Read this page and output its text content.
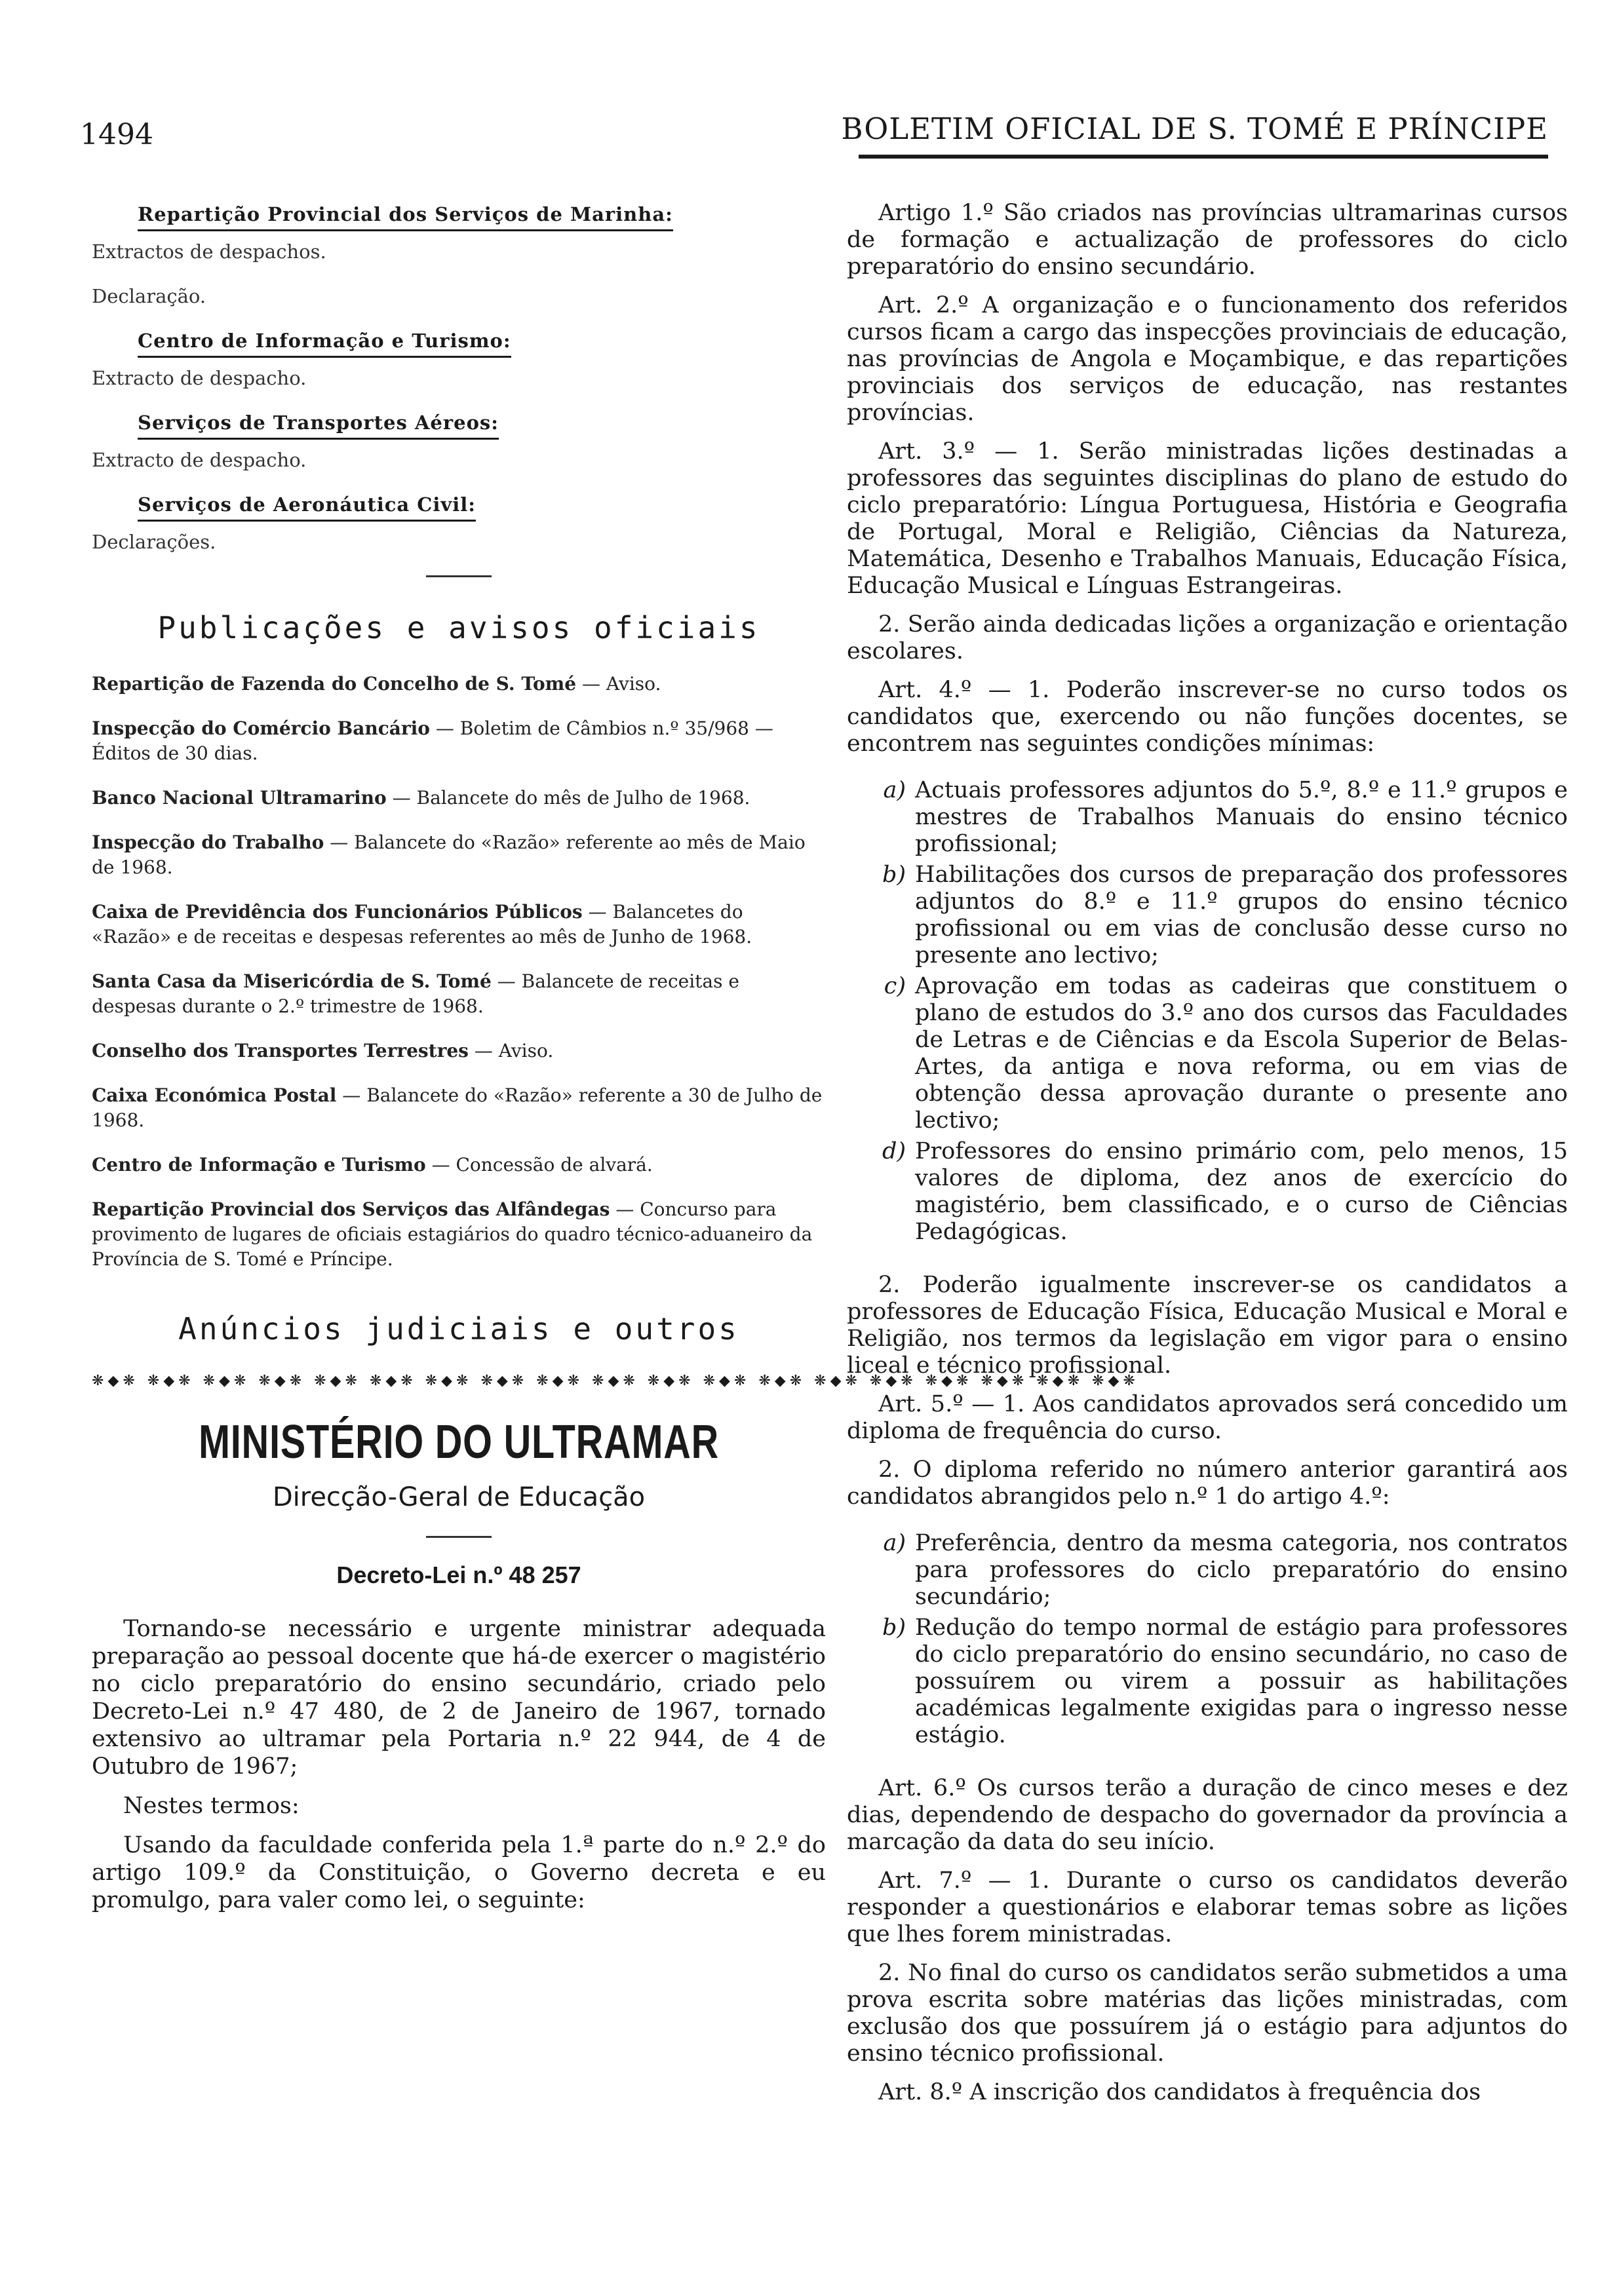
1494	BOLETIM OFICIAL DE S. TOMÉ E PRÍNCIPE
Repartição Provincial dos Serviços de Marinha:
Extractos de despachos.
Declaração.
Centro de Informação e Turismo:
Extracto de despacho.
Serviços de Transportes Aéreos:
Extracto de despacho.
Serviços de Aeronáutica Civil:
Declarações.
Publicações e avisos oficiais

Repartição de Fazenda do Concelho de S. Tomé — Aviso.

Inspecção do Comércio Bancário — Boletim de Câmbios n.º 35/968 — Éditos de 30 dias.

Banco Nacional Ultramarino — Balancete do mês de Julho de 1968.

Inspecção do Trabalho — Balancete do «Razão» referente ao mês de Maio de 1968.

Caixa de Previdência dos Funcionários Públicos — Balancetes do «Razão» e de receitas e despesas referentes ao mês de Junho de 1968.

Santa Casa da Misericórdia de S. Tomé — Balancete de receitas e despesas durante o 2.º trimestre de 1968.

Conselho dos Transportes Terrestres — Aviso.

Caixa Económica Postal — Balancete do «Razão» referente a 30 de Julho de 1968.

Centro de Informação e Turismo — Concessão de alvará.

Repartição Provincial dos Serviços das Alfândegas — Concurso para provimento de lugares de oficiais estagiários do quadro técnico-aduaneiro da Província de S. Tomé e Príncipe.

Anúncios judiciais e outros
❋◆❋ ❋◆❋ ❋◆❋ ❋◆❋ ❋◆❋ ❋◆❋ ❋◆❋ ❋◆❋ ❋◆❋ ❋◆❋ ❋◆❋ ❋◆❋ ❋◆❋ ❋◆❋ ❋◆❋ ❋◆❋ ❋◆❋ ❋◆❋ ❋◆❋
MINISTÉRIO DO ULTRAMAR
Direcção-Geral de Educação
Decreto-Lei n.º 48 257

Tornando-se necessário e urgente ministrar adequada preparação ao pessoal docente que há-de exercer o magistério no ciclo preparatório do ensino secundário, criado pelo Decreto-Lei n.º 47 480, de 2 de Janeiro de 1967, tornado extensivo ao ultramar pela Portaria n.º 22 944, de 4 de Outubro de 1967;

Nestes termos:

Usando da faculdade conferida pela 1.ª parte do n.º 2.º do artigo 109.º da Constituição, o Governo decreta e eu promulgo, para valer como lei, o seguinte:

Artigo 1.º São criados nas províncias ultramarinas cursos de formação e actualização de professores do ciclo preparatório do ensino secundário.

Art. 2.º A organização e o funcionamento dos referidos cursos ficam a cargo das inspecções provinciais de educação, nas províncias de Angola e Moçambique, e das repartições provinciais dos serviços de educação, nas restantes províncias.

Art. 3.º — 1. Serão ministradas lições destinadas a professores das seguintes disciplinas do plano de estudo do ciclo preparatório: Língua Portuguesa, História e Geografia de Portugal, Moral e Religião, Ciências da Natureza, Matemática, Desenho e Trabalhos Manuais, Educação Física, Educação Musical e Línguas Estrangeiras.

2. Serão ainda dedicadas lições a organização e orientação escolares.

Art. 4.º — 1. Poderão inscrever-se no curso todos os candidatos que, exercendo ou não funções docentes, se encontrem nas seguintes condições mínimas:

a) Actuais professores adjuntos do 5.º, 8.º e 11.º grupos e mestres de Trabalhos Manuais do ensino técnico profissional;
b) Habilitações dos cursos de preparação dos professores adjuntos do 8.º e 11.º grupos do ensino técnico profissional ou em vias de conclusão desse curso no presente ano lectivo;
c) Aprovação em todas as cadeiras que constituem o plano de estudos do 3.º ano dos cursos das Faculdades de Letras e de Ciências e da Escola Superior de Belas-Artes, da antiga e nova reforma, ou em vias de obtenção dessa aprovação durante o presente ano lectivo;
d) Professores do ensino primário com, pelo menos, 15 valores de diploma, dez anos de exercício do magistério, bem classificado, e o curso de Ciências Pedagógicas.

2. Poderão igualmente inscrever-se os candidatos a professores de Educação Física, Educação Musical e Moral e Religião, nos termos da legislação em vigor para o ensino liceal e técnico profissional.

Art. 5.º — 1. Aos candidatos aprovados será concedido um diploma de frequência do curso.

2. O diploma referido no número anterior garantirá aos candidatos abrangidos pelo n.º 1 do artigo 4.º:

a) Preferência, dentro da mesma categoria, nos contratos para professores do ciclo preparatório do ensino secundário;
b) Redução do tempo normal de estágio para professores do ciclo preparatório do ensino secundário, no caso de possuírem ou virem a possuir as habilitações académicas legalmente exigidas para o ingresso nesse estágio.

Art. 6.º Os cursos terão a duração de cinco meses e dez dias, dependendo de despacho do governador da província a marcação da data do seu início.

Art. 7.º — 1. Durante o curso os candidatos deverão responder a questionários e elaborar temas sobre as lições que lhes forem ministradas.

2. No final do curso os candidatos serão submetidos a uma prova escrita sobre matérias das lições ministradas, com exclusão dos que possuírem já o estágio para adjuntos do ensino técnico profissional.

Art. 8.º A inscrição dos candidatos à frequência dos
